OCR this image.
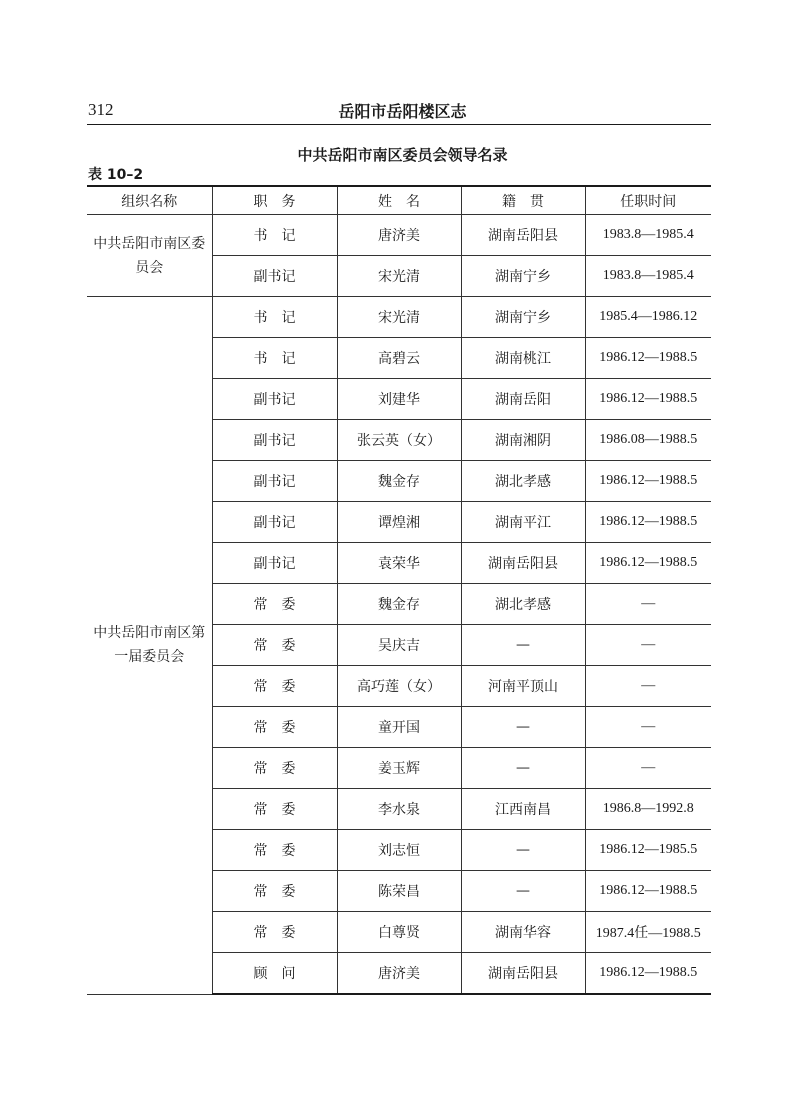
312	岳阳市岳阳楼区志
中共岳阳市南区委员会领导名录
表 10–2
组织名称	职　务	姓　名	籍　贯	任职时间
中共岳阳市南区委员会	书　记	唐济美	湖南岳阳县	1983.8—1985.4
	副书记	宋光清	湖南宁乡	1983.8—1985.4
中共岳阳市南区第一届委员会	书　记	宋光清	湖南宁乡	1985.4—1986.12
	书　记	高碧云	湖南桃江	1986.12—1988.5
	副书记	刘建华	湖南岳阳	1986.12—1988.5
	副书记	张云英（女）	湖南湘阴	1986.08—1988.5
	副书记	魏金存	湖北孝感	1986.12—1988.5
	副书记	谭煌湘	湖南平江	1986.12—1988.5
	副书记	袁荣华	湖南岳阳县	1986.12—1988.5
	常　委	魏金存	湖北孝感	—
	常　委	吴庆吉	—	—
	常　委	高巧莲（女）	河南平顶山	—
	常　委	童开国	—	—
	常　委	姜玉辉	—	—
	常　委	李水泉	江西南昌	1986.8—1992.8
	常　委	刘志恒	—	1986.12—1985.5
	常　委	陈荣昌	—	1986.12—1988.5
	常　委	白尊贤	湖南华容	1987.4任—1988.5
	顾　问	唐济美	湖南岳阳县	1986.12—1988.5
